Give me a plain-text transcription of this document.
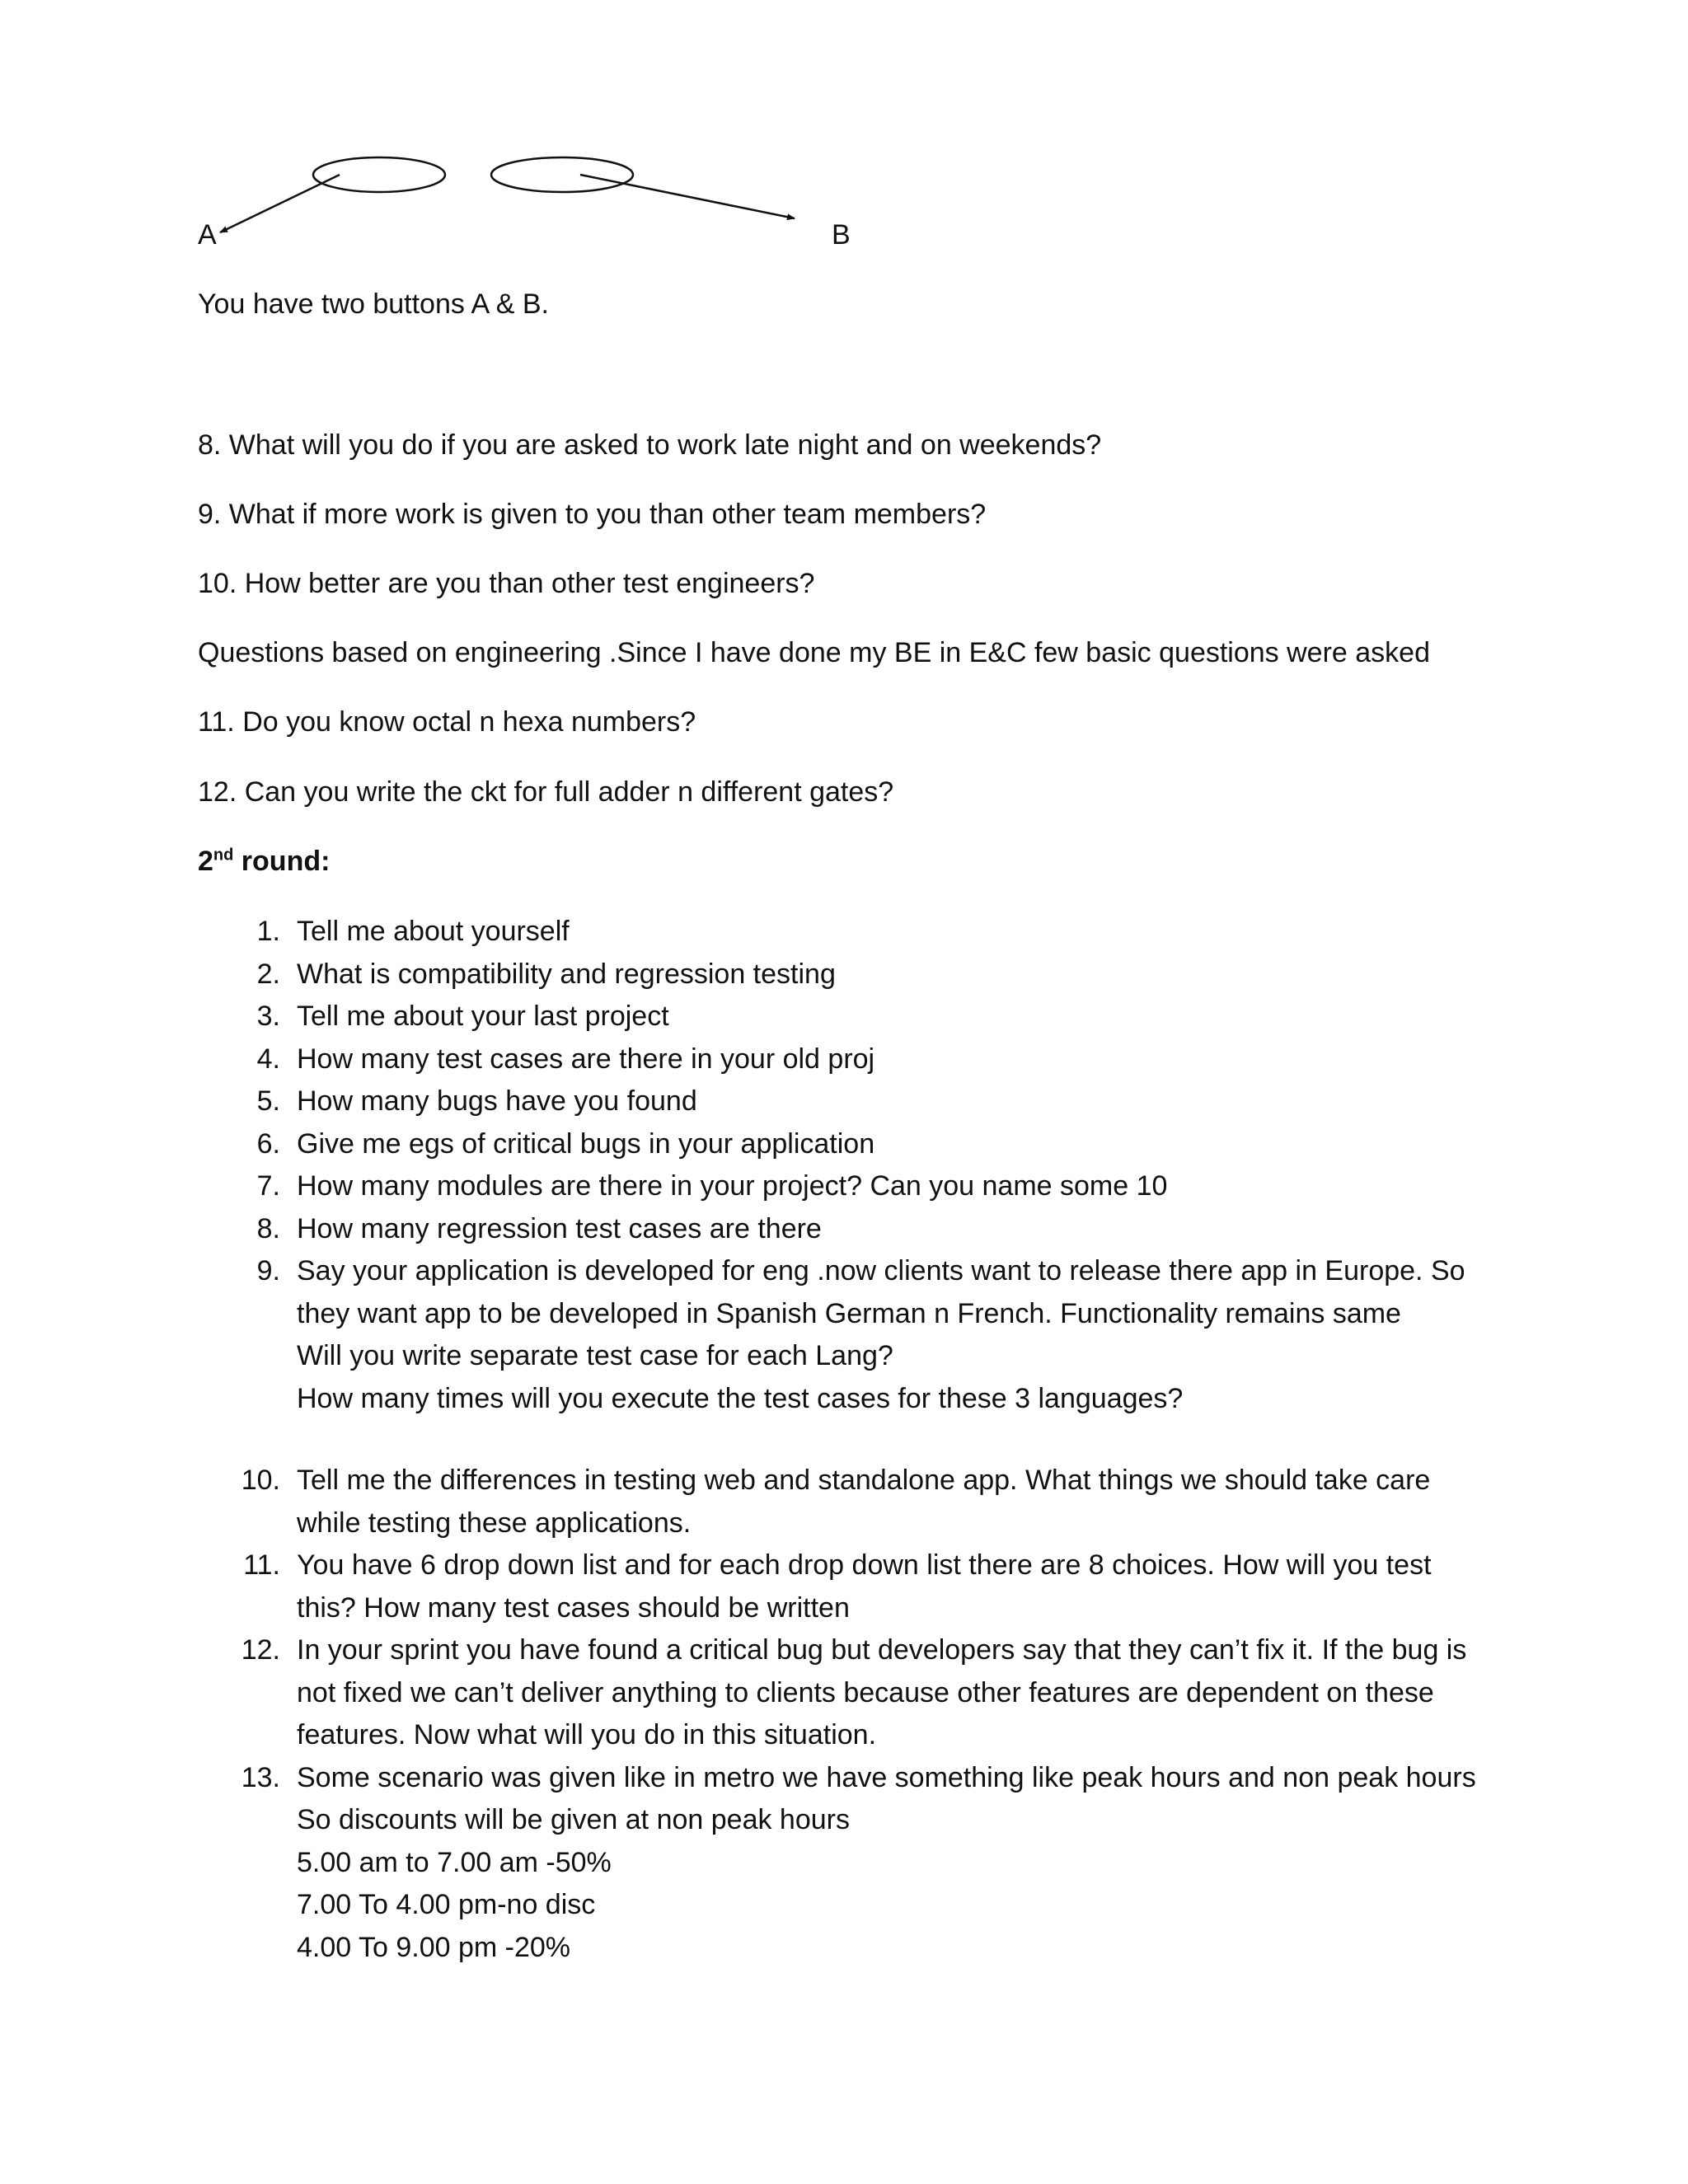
A	B
You have two buttons A & B.
8. What will you do if you are asked to work late night and on weekends?
9. What if more work is given to you than other team members?
10. How better are you than other test engineers?
Questions based on engineering .Since I have done my BE in E&C few basic questions were asked
11. Do you know octal n hexa numbers?
12. Can you write the ckt for full adder n different gates?
2nd round:
1. Tell me about yourself
2. What is compatibility and regression testing
3. Tell me about your last project
4. How many test cases are there in your old proj
5. How many bugs have you found
6. Give me egs of critical bugs in your application
7. How many modules are there in your project? Can you name some 10
8. How many regression test cases are there
9. Say your application is developed for eng .now clients want to release there app in Europe. So
they want app to be developed in Spanish German n French. Functionality remains same
Will you write separate test case for each Lang?
How many times will you execute the test cases for these 3 languages?
10. Tell me the differences in testing web and standalone app. What things we should take care
while testing these applications.
11. You have 6 drop down list and for each drop down list there are 8 choices. How will you test
this? How many test cases should be written
12. In your sprint you have found a critical bug but developers say that they can’t fix it. If the bug is
not fixed we can’t deliver anything to clients because other features are dependent on these
features. Now what will you do in this situation.
13. Some scenario was given like in metro we have something like peak hours and non peak hours
So discounts will be given at non peak hours
5.00 am to 7.00 am -50%
7.00 To 4.00 pm-no disc
4.00 To 9.00 pm -20%
